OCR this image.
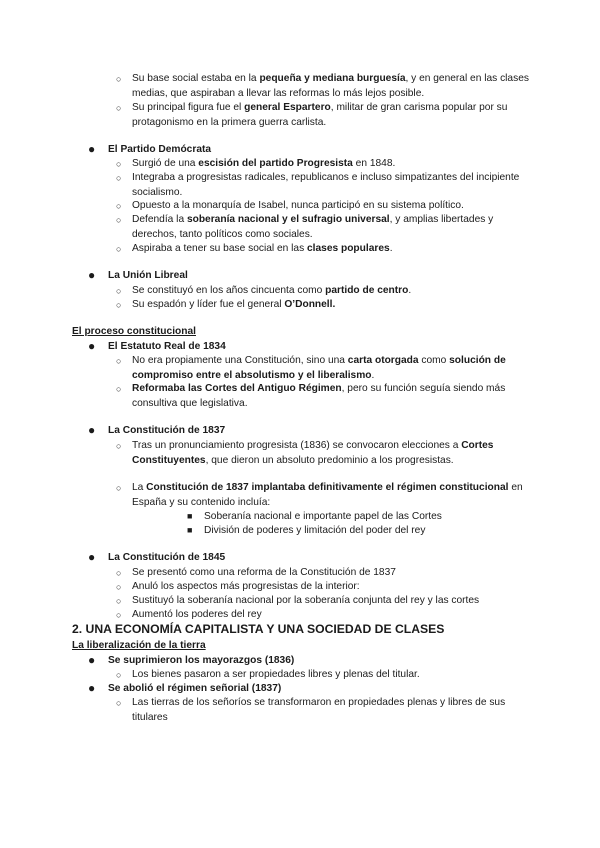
○ Su base social estaba en la pequeña y mediana burguesía, y en general en las clases medias, que aspiraban a llevar las reformas lo más lejos posible.
○ Su principal figura fue el general Espartero, militar de gran carisma popular por su protagonismo en la primera guerra carlista.
● El Partido Demócrata
○ Surgió de una escisión del partido Progresista en 1848.
○ Integraba a progresistas radicales, republicanos e incluso simpatizantes del incipiente socialismo.
○ Opuesto a la monarquía de Isabel, nunca participó en su sistema político.
○ Defendía la soberanía nacional y el sufragio universal, y amplias libertades y derechos, tanto políticos como sociales.
○ Aspiraba a tener su base social en las clases populares.
● La Unión Libreal
○ Se constituyó en los años cincuenta como partido de centro.
○ Su espadón y líder fue el general O’Donnell.
El proceso constitucional
● El Estatuto Real de 1834
○ No era propiamente una Constitución, sino una carta otorgada como solución de compromiso entre el absolutismo y el liberalismo.
○ Reformaba las Cortes del Antiguo Régimen, pero su función seguía siendo más consultiva que legislativa.
● La Constitución de 1837
○ Tras un pronunciamiento progresista (1836) se convocaron elecciones a Cortes Constituyentes, que dieron un absoluto predominio a los progresistas.
○ La Constitución de 1837 implantaba definitivamente el régimen constitucional en España y su contenido incluía:
■ Soberanía nacional e importante papel de las Cortes
■ División de poderes y limitación del poder del rey
● La Constitución de 1845
○ Se presentó como una reforma de la Constitución de 1837
○ Anuló los aspectos más progresistas de la interior:
○ Sustituyó la soberanía nacional por la soberanía conjunta del rey y las cortes
○ Aumentó los poderes del rey
2. UNA ECONOMÍA CAPITALISTA Y UNA SOCIEDAD DE CLASES
La liberalización de la tierra
● Se suprimieron los mayorazgos (1836)
○ Los bienes pasaron a ser propiedades libres y plenas del titular.
● Se abolió el régimen señorial (1837)
○ Las tierras de los señoríos se transformaron en propiedades plenas y libres de sus titulares
